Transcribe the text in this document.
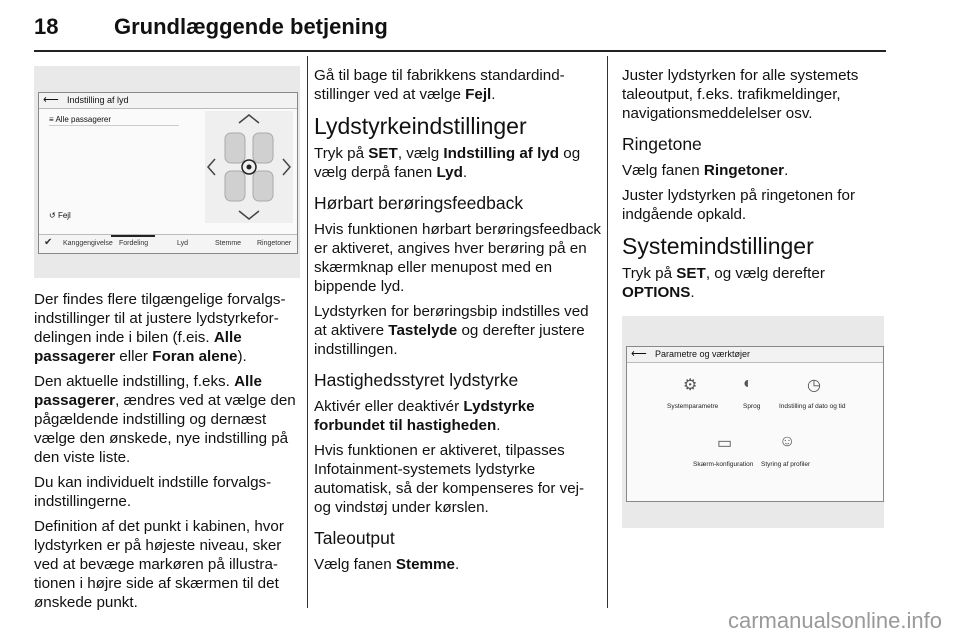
18	Grundlæggende betjening
⟵ Indstilling af lyd
≡ Alle passagerer
↺ Fejl
✔ Kanggengivelse Fordeling	Lyd	Stemme Ringetoner

Der findes flere tilgængelige forvalgsindstillinger til at justere lydstyrkefordelingen inde i bilen (f.eis. Alle passagerer eller Foran alene).

Den aktuelle indstilling, f.eks. Alle passagerer, ændres ved at vælge den pågældende indstilling og dernæst vælge den ønskede, nye indstilling på den viste liste.

Du kan individuelt indstille forvalgsindstillingerne.

Definition af det punkt i kabinen, hvor lydstyrken er på højeste niveau, sker ved at bevæge markøren på illustrationen i højre side af skærmen til det ønskede punkt.

Gå til bage til fabrikkens standardindstillinger ved at vælge Fejl.

Lydstyrkeindstillinger

Tryk på SET, vælg Indstilling af lyd og vælg derpå fanen Lyd.

Hørbart berøringsfeedback

Hvis funktionen hørbart berøringsfeedback er aktiveret, angives hver berøring på en skærmknap eller menupost med en bippende lyd.

Lydstyrken for berøringsbip indstilles ved at aktivere Tastelyde og derefter justere indstillingen.

Hastighedsstyret lydstyrke

Aktivér eller deaktivér Lydstyrke forbundet til hastigheden.

Hvis funktionen er aktiveret, tilpasses Infotainment-systemets lydstyrke automatisk, så der kompenseres for vej- og vindstøj under kørslen.

Taleoutput

Vælg fanen Stemme.

Juster lydstyrken for alle systemets taleoutput, f.eks. trafikmeldinger, navigationsmeddelelser osv.

Ringetone

Vælg fanen Ringetoner.

Juster lydstyrken på ringetonen for indgående opkald.

Systemindstillinger

Tryk på SET, og vælg derefter OPTIONS.

⟵ Parametre og værktøjer
⚙
Systemparametre
◐
Sprog
◷
Indstilling af dato og tid
▭
Skærm-konfiguration
☺
Styring af profiler
carmanualsonline.info
